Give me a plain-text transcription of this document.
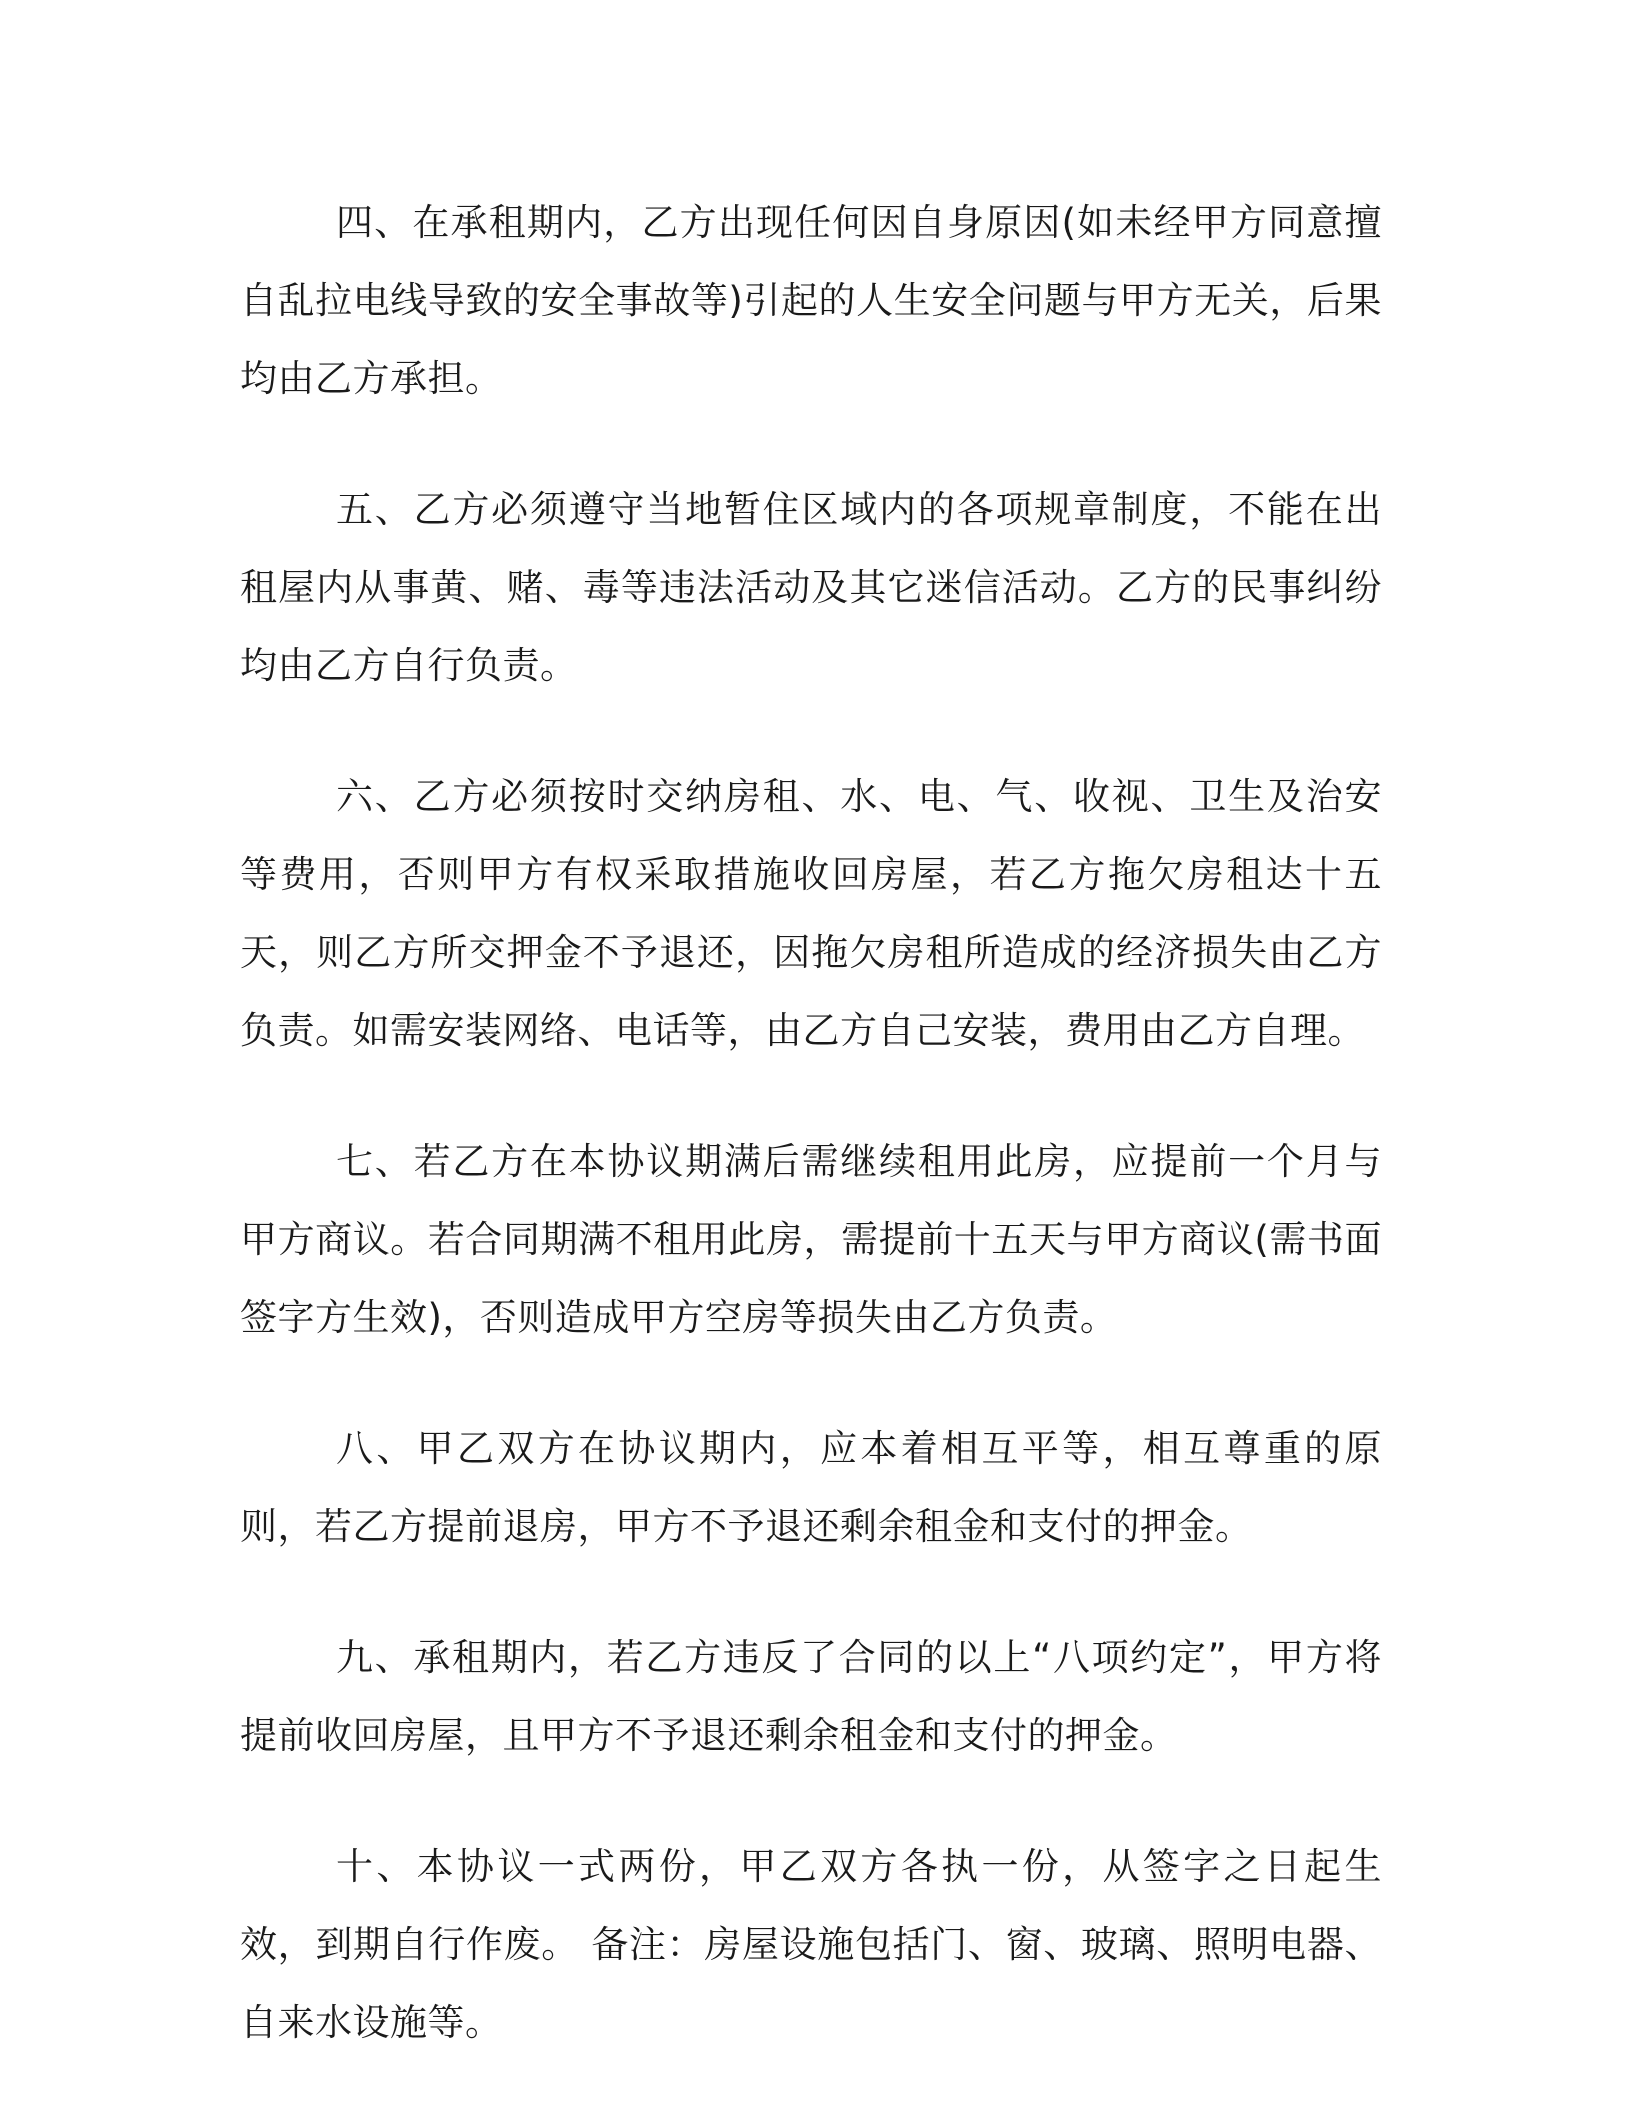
四、在承租期内，乙方出现任何因自身原因(如未经甲方同意擅自乱拉电线导致的安全事故等)引起的人生安全问题与甲方无关，后果均由乙方承担。

五、乙方必须遵守当地暂住区域内的各项规章制度，不能在出租屋内从事黄、赌、毒等违法活动及其它迷信活动。乙方的民事纠纷均由乙方自行负责。

六、乙方必须按时交纳房租、水、电、气、收视、卫生及治安等费用，否则甲方有权采取措施收回房屋，若乙方拖欠房租达十五天，则乙方所交押金不予退还，因拖欠房租所造成的经济损失由乙方负责。如需安装网络、电话等，由乙方自己安装，费用由乙方自理。

七、若乙方在本协议期满后需继续租用此房，应提前一个月与甲方商议。若合同期满不租用此房，需提前十五天与甲方商议(需书面签字方生效)，否则造成甲方空房等损失由乙方负责。

八、甲乙双方在协议期内，应本着相互平等，相互尊重的原则，若乙方提前退房，甲方不予退还剩余租金和支付的押金。

九、承租期内，若乙方违反了合同的以上“八项约定”，甲方将提前收回房屋，且甲方不予退还剩余租金和支付的押金。

十、本协议一式两份，甲乙双方各执一份，从签字之日起生效，到期自行作废。 备注：房屋设施包括门、窗、玻璃、照明电器、自来水设施等。
